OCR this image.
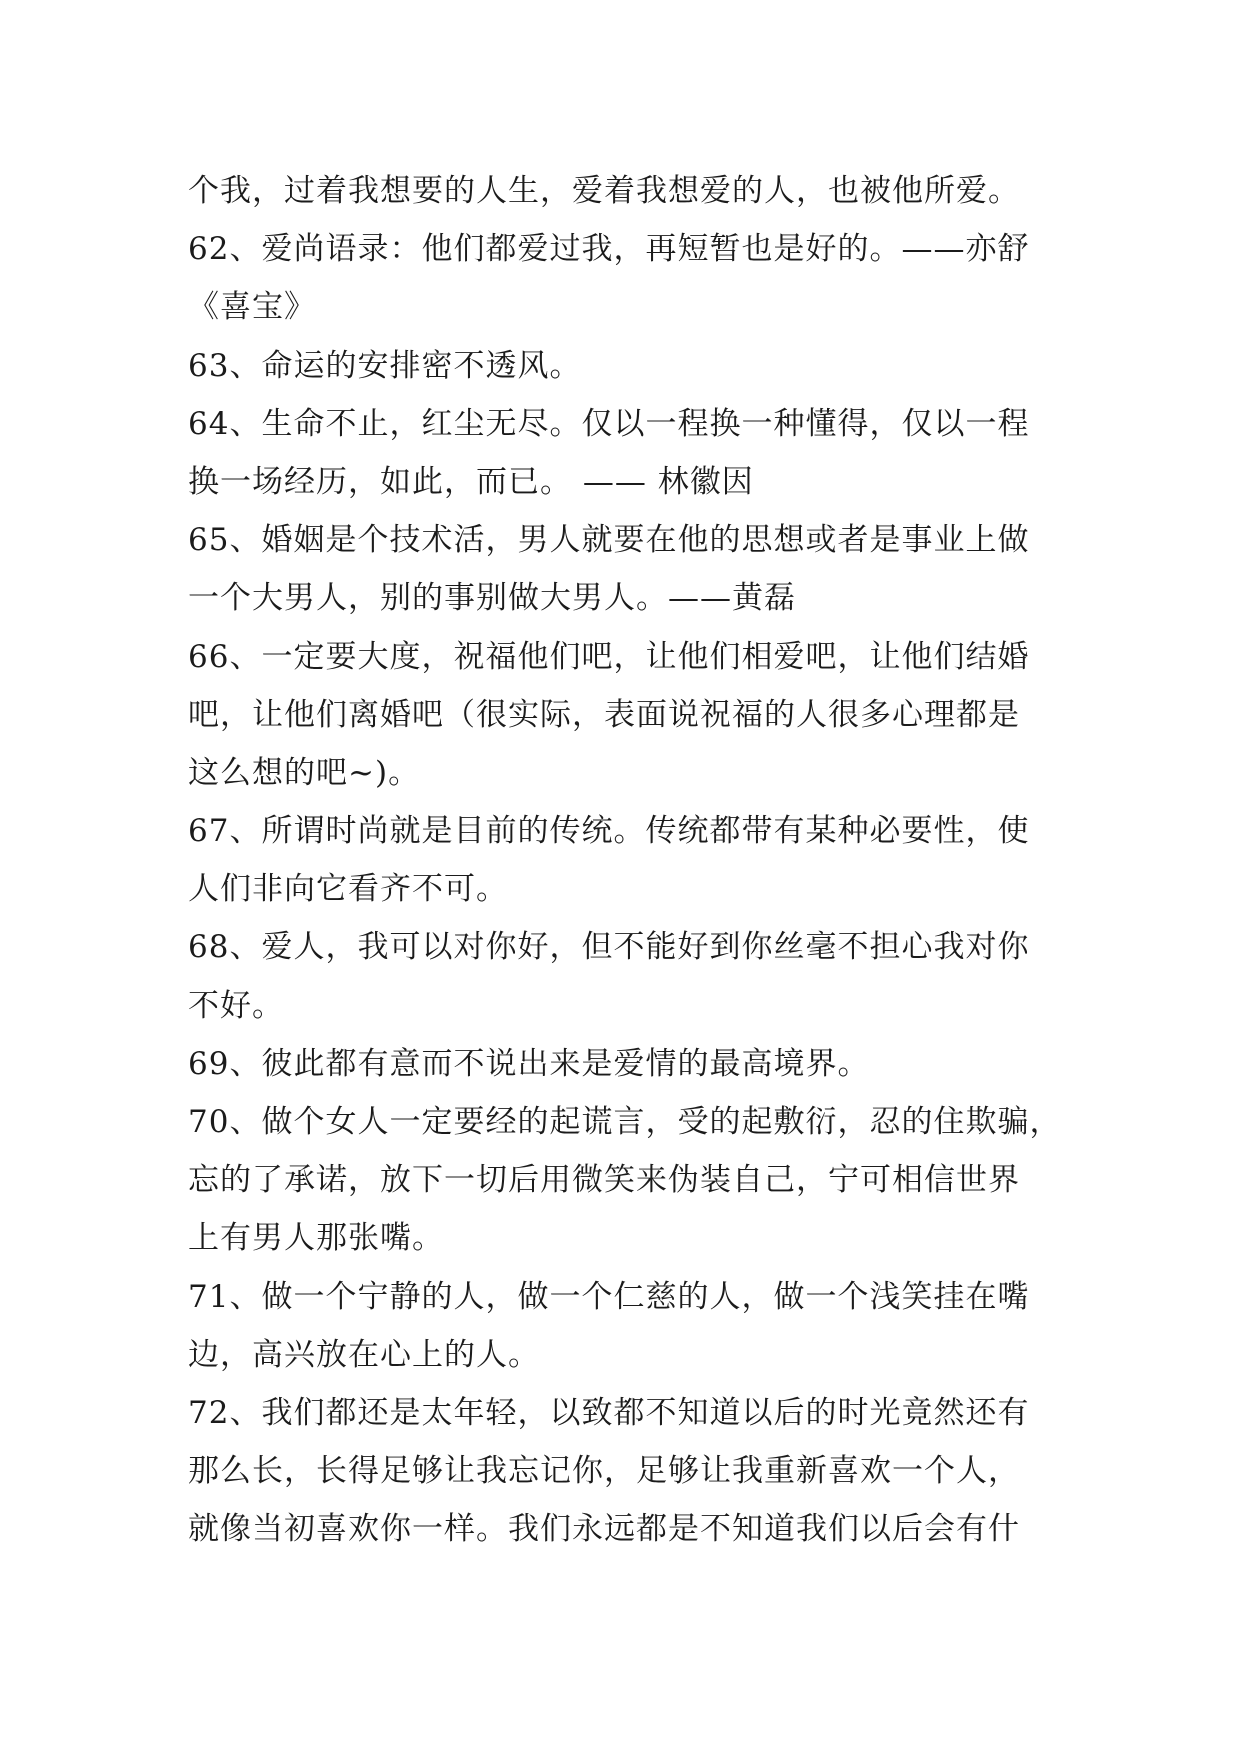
个我，过着我想要的人生，爱着我想爱的人，也被他所爱。
62、爱尚语录：他们都爱过我，再短暂也是好的。——亦舒
《喜宝》
63、命运的安排密不透风。
64、生命不止，红尘无尽。仅以一程换一种懂得，仅以一程
换一场经历，如此，而已。 —— 林徽因
65、婚姻是个技术活，男人就要在他的思想或者是事业上做
一个大男人，别的事别做大男人。——黄磊
66、一定要大度，祝福他们吧，让他们相爱吧，让他们结婚
吧，让他们离婚吧（很实际，表面说祝福的人很多心理都是
这么想的吧~)。
67、所谓时尚就是目前的传统。传统都带有某种必要性，使
人们非向它看齐不可。
68、爱人，我可以对你好，但不能好到你丝毫不担心我对你
不好。
69、彼此都有意而不说出来是爱情的最高境界。
70、做个女人一定要经的起谎言，受的起敷衍，忍的住欺骗，
忘的了承诺，放下一切后用微笑来伪装自己，宁可相信世界
上有男人那张嘴。
71、做一个宁静的人，做一个仁慈的人，做一个浅笑挂在嘴
边，高兴放在心上的人。
72、我们都还是太年轻，以致都不知道以后的时光竟然还有
那么长，长得足够让我忘记你，足够让我重新喜欢一个人，
就像当初喜欢你一样。我们永远都是不知道我们以后会有什
